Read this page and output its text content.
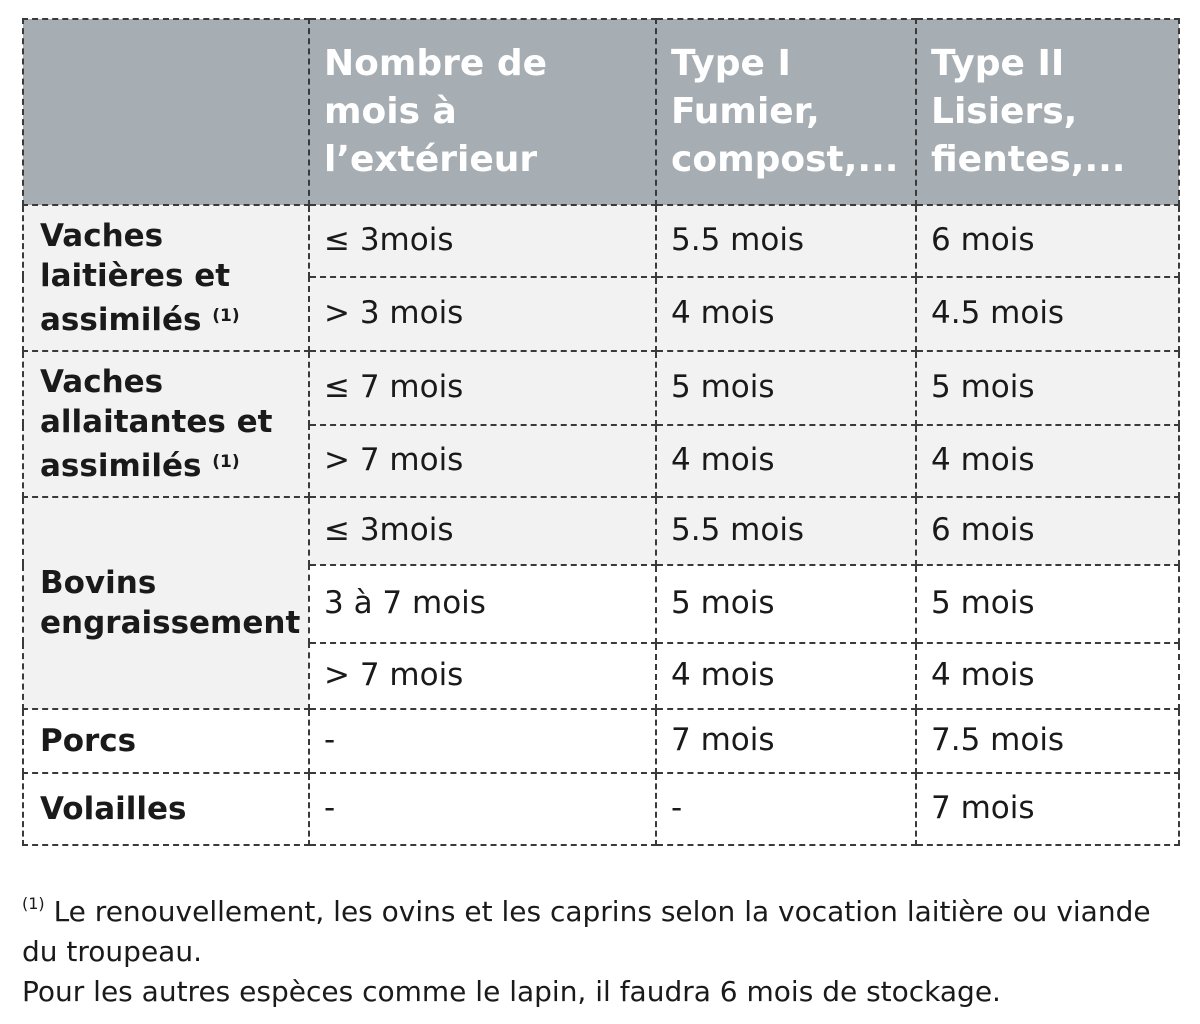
	Nombre de mois à l’extérieur	Type I Fumier, compost,...	Type II Lisiers, fientes,...
Vaches laitières et assimilés $^{(1)}$	≤ 3mois	5.5 mois	6 mois
	> 3 mois	4 mois	4.5 mois
Vaches allaitantes et assimilés $^{(1)}$	≤ 7 mois	5 mois	5 mois
	> 7 mois	4 mois	4 mois
Bovins engraissement	≤ 3mois	5.5 mois	6 mois
	3 à 7 mois	5 mois	5 mois
	> 7 mois	4 mois	4 mois
Porcs	-	7 mois	7.5 mois
Volailles	-	-	7 mois

$^{(1)}$ Le renouvellement, les ovins et les caprins selon la vocation laitière ou viande du troupeau.

Pour les autres espèces comme le lapin, il faudra 6 mois de stockage.
